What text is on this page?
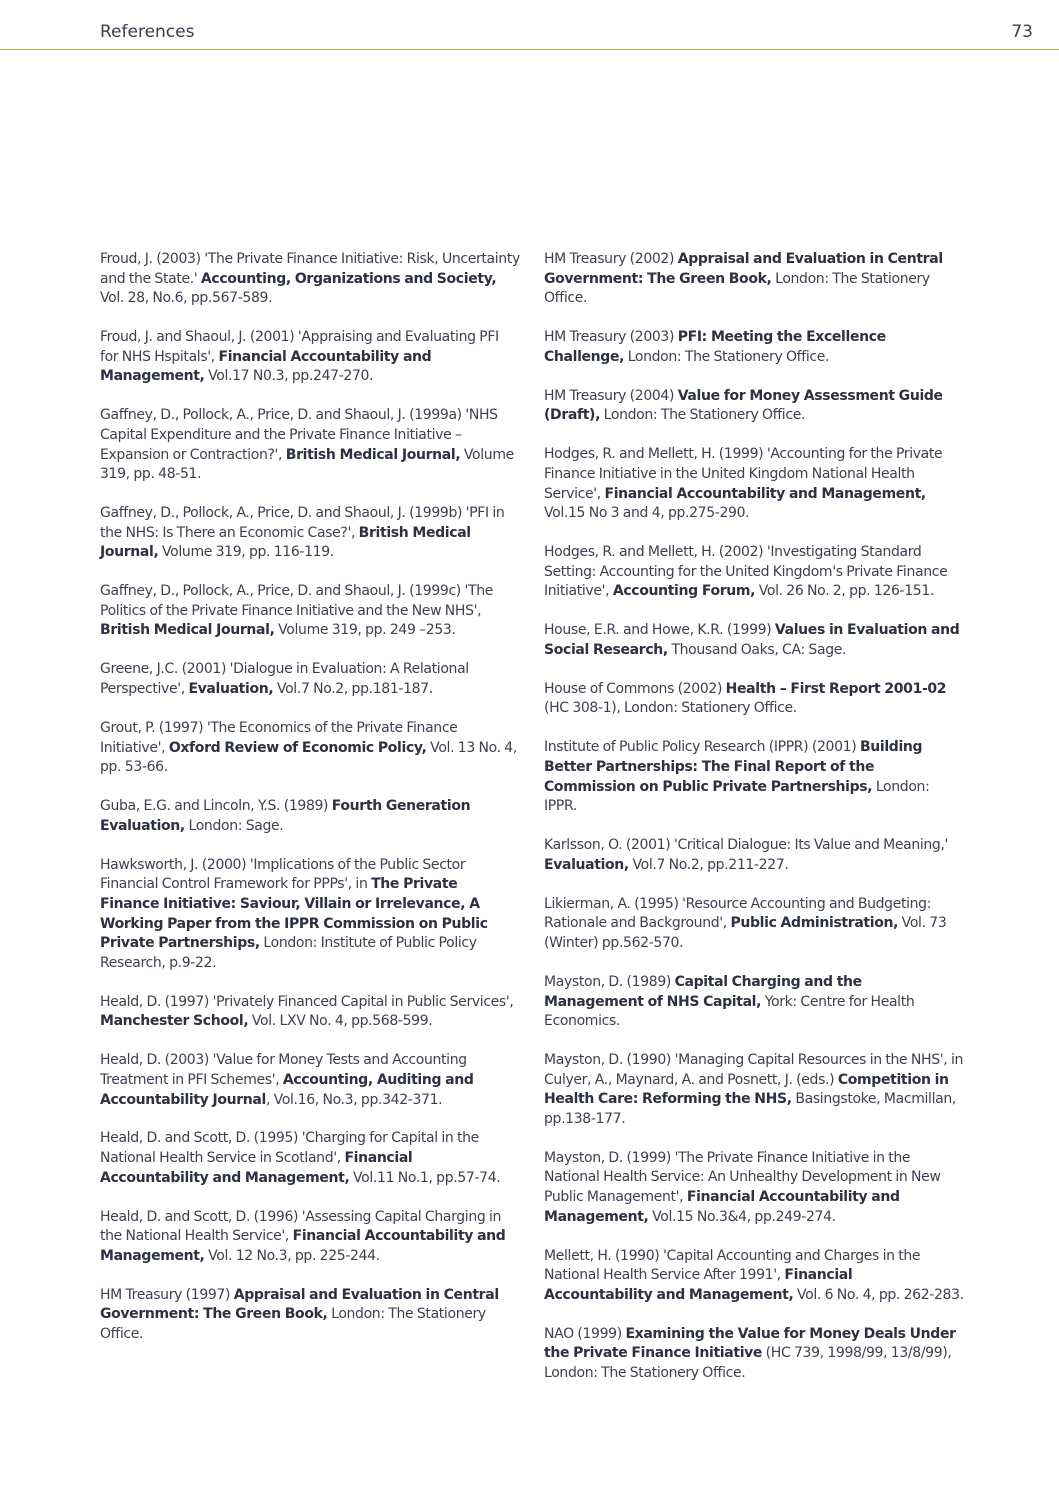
References	73

Froud, J. (2003) 'The Private Finance Initiative: Risk, Uncertainty and the State.' Accounting, Organizations and Society, Vol. 28, No.6, pp.567-589.

Froud, J. and Shaoul, J. (2001) 'Appraising and Evaluating PFI for NHS Hspitals', Financial Accountability and Management, Vol.17 N0.3, pp.247-270.

Gaffney, D., Pollock, A., Price, D. and Shaoul, J. (1999a) 'NHS Capital Expenditure and the Private Finance Initiative – Expansion or Contraction?', British Medical Journal, Volume 319, pp. 48-51.

Gaffney, D., Pollock, A., Price, D. and Shaoul, J. (1999b) 'PFI in the NHS: Is There an Economic Case?', British Medical Journal, Volume 319, pp. 116-119.

Gaffney, D., Pollock, A., Price, D. and Shaoul, J. (1999c) 'The Politics of the Private Finance Initiative and the New NHS', British Medical Journal, Volume 319, pp. 249 –253.

Greene, J.C. (2001) 'Dialogue in Evaluation: A Relational Perspective', Evaluation, Vol.7 No.2, pp.181-187.

Grout, P. (1997) 'The Economics of the Private Finance Initiative', Oxford Review of Economic Policy, Vol. 13 No. 4, pp. 53-66.

Guba, E.G. and Lincoln, Y.S. (1989) Fourth Generation Evaluation, London: Sage.

Hawksworth, J. (2000) 'Implications of the Public Sector Financial Control Framework for PPPs', in The Private Finance Initiative: Saviour, Villain or Irrelevance, A Working Paper from the IPPR Commission on Public Private Partnerships, London: Institute of Public Policy Research, p.9-22.

Heald, D. (1997) 'Privately Financed Capital in Public Services', Manchester School, Vol. LXV No. 4, pp.568-599.

Heald, D. (2003) 'Value for Money Tests and Accounting Treatment in PFI Schemes', Accounting, Auditing and Accountability Journal, Vol.16, No.3, pp.342-371.

Heald, D. and Scott, D. (1995) 'Charging for Capital in the National Health Service in Scotland', Financial Accountability and Management, Vol.11 No.1, pp.57-74.

Heald, D. and Scott, D. (1996) 'Assessing Capital Charging in the National Health Service', Financial Accountability and Management, Vol. 12 No.3, pp. 225-244.

HM Treasury (1997) Appraisal and Evaluation in Central Government: The Green Book, London: The Stationery Office.

HM Treasury (2002) Appraisal and Evaluation in Central Government: The Green Book, London: The Stationery Office.

HM Treasury (2003) PFI: Meeting the Excellence Challenge, London: The Stationery Office.

HM Treasury (2004) Value for Money Assessment Guide (Draft), London: The Stationery Office.

Hodges, R. and Mellett, H. (1999) 'Accounting for the Private Finance Initiative in the United Kingdom National Health Service', Financial Accountability and Management, Vol.15 No 3 and 4, pp.275-290.

Hodges, R. and Mellett, H. (2002) 'Investigating Standard Setting: Accounting for the United Kingdom's Private Finance Initiative', Accounting Forum, Vol. 26 No. 2, pp. 126-151.

House, E.R. and Howe, K.R. (1999) Values in Evaluation and Social Research, Thousand Oaks, CA: Sage.

House of Commons (2002) Health – First Report 2001-02 (HC 308-1), London: Stationery Office.

Institute of Public Policy Research (IPPR) (2001) Building Better Partnerships: The Final Report of the Commission on Public Private Partnerships, London: IPPR.

Karlsson, O. (2001) 'Critical Dialogue: Its Value and Meaning,' Evaluation, Vol.7 No.2, pp.211-227.

Likierman, A. (1995) 'Resource Accounting and Budgeting: Rationale and Background', Public Administration, Vol. 73 (Winter) pp.562-570.

Mayston, D. (1989) Capital Charging and the Management of NHS Capital, York: Centre for Health Economics.

Mayston, D. (1990) 'Managing Capital Resources in the NHS', in Culyer, A., Maynard, A. and Posnett, J. (eds.) Competition in Health Care: Reforming the NHS, Basingstoke, Macmillan, pp.138-177.

Mayston, D. (1999) 'The Private Finance Initiative in the National Health Service: An Unhealthy Development in New Public Management', Financial Accountability and Management, Vol.15 No.3&4, pp.249-274.

Mellett, H. (1990) 'Capital Accounting and Charges in the National Health Service After 1991', Financial Accountability and Management, Vol. 6 No. 4, pp. 262-283.

NAO (1999) Examining the Value for Money Deals Under the Private Finance Initiative (HC 739, 1998/99, 13/8/99), London: The Stationery Office.
